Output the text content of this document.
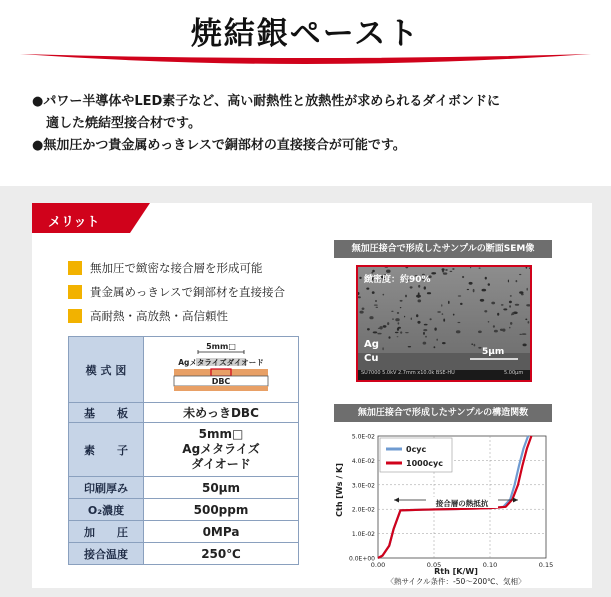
焼結銀ペースト

●パワー半導体やLED素子など、高い耐熱性と放熱性が求められるダイボンドに

適した焼結型接合材です。

●無加圧かつ貴金属めっきレスで銅部材の直接接合が可能です。

メリット
無加圧で緻密な接合層を形成可能
貴金属めっきレスで銅部材を直接接合
高耐熱・高放熱・高信頼性
模 式 図	5mm□
Agメタライズダイオード
DBC

基　　板	未めっきDBC
素　　子	5mm□
Agメタライズ
ダイオード

印刷厚み	50μm
O₂濃度	500ppm
加　　圧	0MPa
接合温度	250℃
無加圧接合で形成したサンプルの断面SEM像
緻密度：約90%
Ag
Cu
5μm
SU7000 5.0kV 2.7mm x10.0k BSE-HU	5.00μm
無加圧接合で形成したサンプルの構造関数
0.0E+00
1.0E-02
2.0E-02
3.0E-02
4.0E-02
5.0E-02
0.00	0.05	0.10	0.15
0cyc
1000cyc
接合層の熱抵抗
Rth [K/W]
Cth [Ws / K]
〈熱サイクル条件：-50～200℃、気相〉
